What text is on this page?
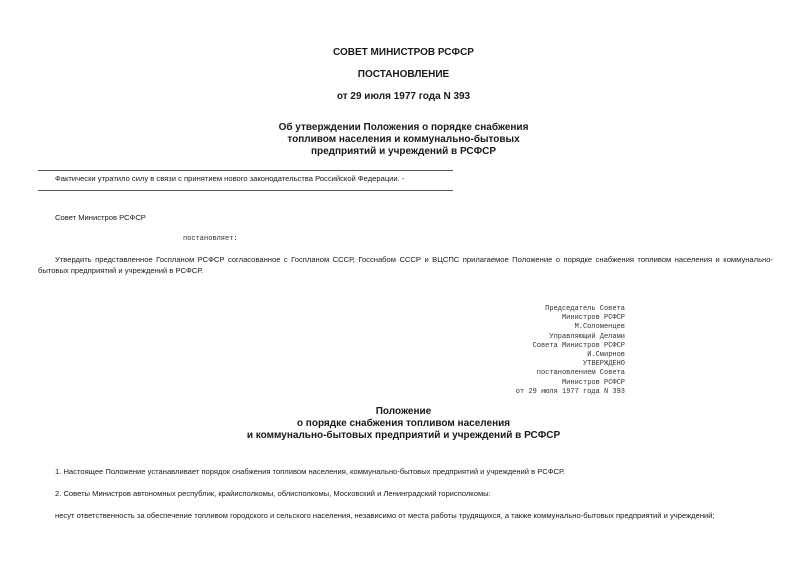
СОВЕТ МИНИСТРОВ РСФСР
ПОСТАНОВЛЕНИЕ
от 29 июля 1977 года N 393
Об утверждении Положения о порядке снабжения
топливом населения и коммунально-бытовых
предприятий и учреждений в РСФСР
Фактически утратило силу в связи с принятием нового законодательства Российской Федерации. -
Совет Министров РСФСР
постановляет:
Утвердить представленное Госпланом РСФСР согласованное с Госпланом СССР, Госснабом СССР и ВЦСПС прилагаемое Положение о порядке снабжения топливом населения и коммунально-бытовых предприятий и учреждений в РСФСР.
Председатель Совета
Министров РСФСР
М.Соломенцев
Управляющий Делами
Совета Министров РСФСР
И.Смирнов
УТВЕРЖДЕНО
постановлением Совета
Министров РСФСР
от 29 июля 1977 года N 393
Положение
о порядке снабжения топливом населения
и коммунально-бытовых предприятий и учреждений в РСФСР
1. Настоящее Положение устанавливает порядок снабжения топливом населения, коммунально-бытовых предприятий и учреждений в РСФСР.
2. Советы Министров автономных республик, крайисполкомы, облисполкомы, Московский и Ленинградский горисполкомы:
несут ответственность за обеспечение топливом городского и сельского населения, независимо от места работы трудящихся, а также коммунально-бытовых предприятий и учреждений;
